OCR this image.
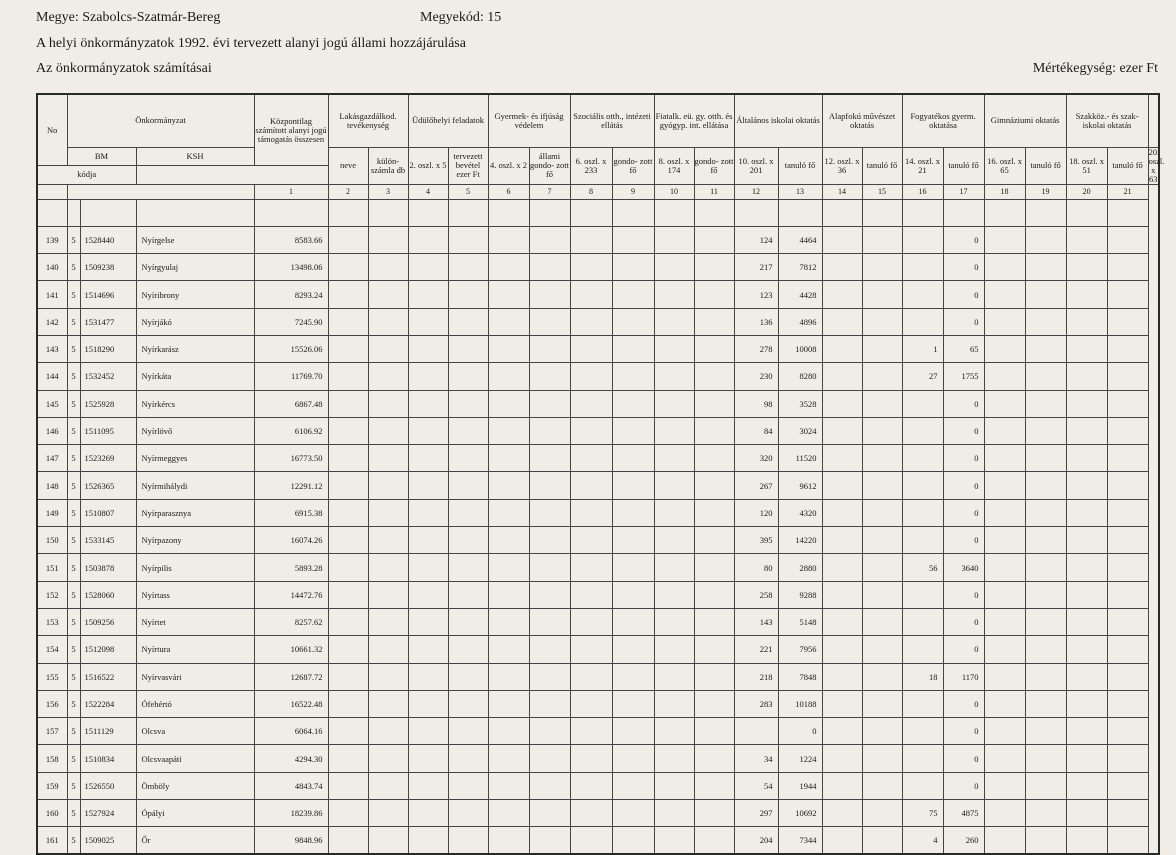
Megye: Szabolcs-Szatmár-Bereg	Megyekód: 15
A helyi önkormányzatok 1992. évi tervezett alanyi jogú állami hozzájárulása
Az önkormányzatok számításai	Mértékegység: ezer Ft
No	Önkormányzat			Központilag számított alanyi jogú támogatás összesen	Lakásgazdálkod. tevékenység		Üdülőhelyi feladatok		Gyermek- és ifjúság védelem		Szociális otth., intézeti ellátás		Fiatalk. eü. gy. otth. és gyógyp. int. ellátása		Általános iskolai oktatás		Alapfokú művészet oktatás		Fogyatékos gyerm. oktatása		Gimnáziumi oktatás		Szakköz.- és szak- iskolai oktatás		

	BM		KSH		neve	külön- számla db	2. oszl. x 5	tervezett bevétel ezer Ft	4. oszl. x 2	állami gondo- zott fő	6. oszl. x 233	gondo- zott fő	8. oszl. x 174	gondo- zott fő	10. oszl. x 201	tanuló fő	12. oszl. x 36	tanuló fő	14. oszl. x 21	tanuló fő	16. oszl. x 65	tanuló fő	18. oszl. x 51	tanuló fő	20. oszl. x 63
kódja																									
				1	2	3	4	5	6	7	8	9	10	11	12	13	14	15	16	17	18	19	20	21	

139	5	1528440	Nyírgelse	8583.66											124	4464				0					
140	5	1509238	Nyírgyulaj	13498.06											217	7812				0					
141	5	1514696	Nyíribrony	8293.24											123	4428				0					
142	5	1531477	Nyírjákó	7245.90											136	4896				0					
143	5	1518290	Nyírkarász	15526.06											278	10008			1	65					
144	5	1532452	Nyírkáta	11769.70											230	8280			27	1755					
145	5	1525928	Nyírkércs	6867.48											98	3528				0					
146	5	1511095	Nyírlövő	6106.92											84	3024				0					
147	5	1523269	Nyírmeggyes	16773.50											320	11520				0					
148	5	1526365	Nyírmihálydi	12291.12											267	9612				0					
149	5	1510807	Nyírparasznya	6915.38											120	4320				0					
150	5	1533145	Nyírpazony	16074.26											395	14220				0					
151	5	1503878	Nyírpilis	5893.28											80	2880			56	3640					
152	5	1528060	Nyírtass	14472.76											258	9288				0					
153	5	1509256	Nyírtet	8257.62											143	5148				0					
154	5	1512098	Nyírtura	10661.32											221	7956				0					
155	5	1516522	Nyírvasvári	12687.72											218	7848			18	1170					
156	5	1522284	Ófehértó	16522.48											283	10188				0					
157	5	1511129	Olcsva	6064.16												0				0					
158	5	1510834	Olcsvaapáti	4294.30											34	1224				0					
159	5	1526550	Ömböly	4843.74											54	1944				0					
160	5	1527924	Ópályi	18239.86											297	10692			75	4875					
161	5	1509025	Őr	9848.96											204	7344			4	260					
